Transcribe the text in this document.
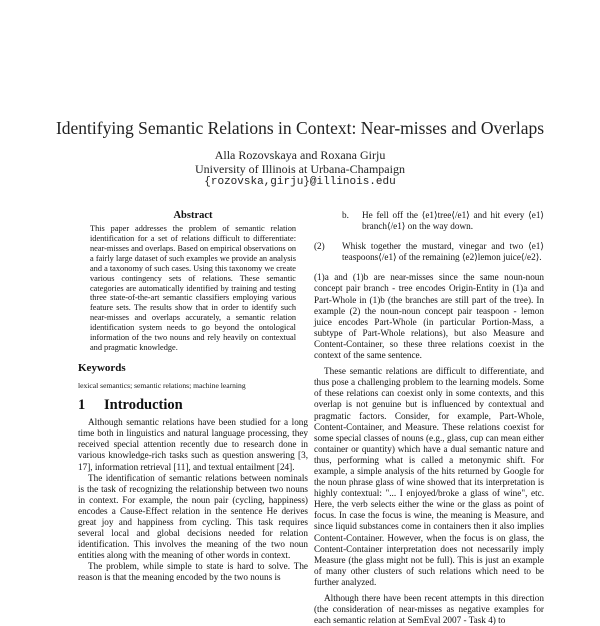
Identifying Semantic Relations in Context: Near-misses and Overlaps
Alla Rozovskaya and Roxana Girju
University of Illinois at Urbana-Champaign
{rozovska,girju}@illinois.edu
Abstract

This paper addresses the problem of semantic relation identification for a set of relations difficult to differentiate: near-misses and overlaps. Based on empirical observations on a fairly large dataset of such examples we provide an analysis and a taxonomy of such cases. Using this taxonomy we create various contingency sets of relations. These semantic categories are automatically identified by training and testing three state-of-the-art semantic classifiers employing various feature sets. The results show that in order to identify such near-misses and overlaps accurately, a semantic relation identification system needs to go beyond the ontological information of the two nouns and rely heavily on contextual and pragmatic knowledge.

Keywords
lexical semantics; semantic relations; machine learning
1 Introduction

Although semantic relations have been studied for a long time both in linguistics and natural language processing, they received special attention recently due to research done in various knowledge-rich tasks such as question answering [3, 17], information retrieval [11], and textual entailment [24].

The identification of semantic relations between nominals is the task of recognizing the relationship between two nouns in context. For example, the noun pair (cycling, happiness) encodes a Cause-Effect relation in the sentence He derives great joy and happiness from cycling. This task requires several local and global decisions needed for relation identification. This involves the meaning of the two noun entities along with the meaning of other words in context.

The problem, while simple to state is hard to solve. The reason is that the meaning encoded by the two nouns is

b.	He fell off the ⟨e1⟩tree⟨/e1⟩ and hit every ⟨e1⟩branch⟨/e1⟩ on the way down.
(2)	Whisk together the mustard, vinegar and two ⟨e1⟩teaspoons⟨/e1⟩ of the remaining ⟨e2⟩lemon juice⟨/e2⟩.

(1)a and (1)b are near-misses since the same noun-noun concept pair branch - tree encodes Origin-Entity in (1)a and Part-Whole in (1)b (the branches are still part of the tree). In example (2) the noun-noun concept pair teaspoon - lemon juice encodes Part-Whole (in particular Portion-Mass, a subtype of Part-Whole relations), but also Measure and Content-Container, so these three relations coexist in the context of the same sentence.

These semantic relations are difficult to differentiate, and thus pose a challenging problem to the learning models. Some of these relations can coexist only in some contexts, and this overlap is not genuine but is influenced by contextual and pragmatic factors. Consider, for example, Part-Whole, Content-Container, and Measure. These relations coexist for some special classes of nouns (e.g., glass, cup can mean either container or quantity) which have a dual semantic nature and thus, performing what is called a metonymic shift. For example, a simple analysis of the hits returned by Google for the noun phrase glass of wine showed that its interpretation is highly contextual: "... I enjoyed/broke a glass of wine", etc. Here, the verb selects either the wine or the glass as point of focus. In case the focus is wine, the meaning is Measure, and since liquid substances come in containers then it also implies Content-Container. However, when the focus is on glass, the Content-Container interpretation does not necessarily imply Measure (the glass might not be full). This is just an example of many other clusters of such relations which need to be further analyzed.

Although there have been recent attempts in this direction (the consideration of near-misses as negative examples for each semantic relation at SemEval 2007 - Task 4) to
